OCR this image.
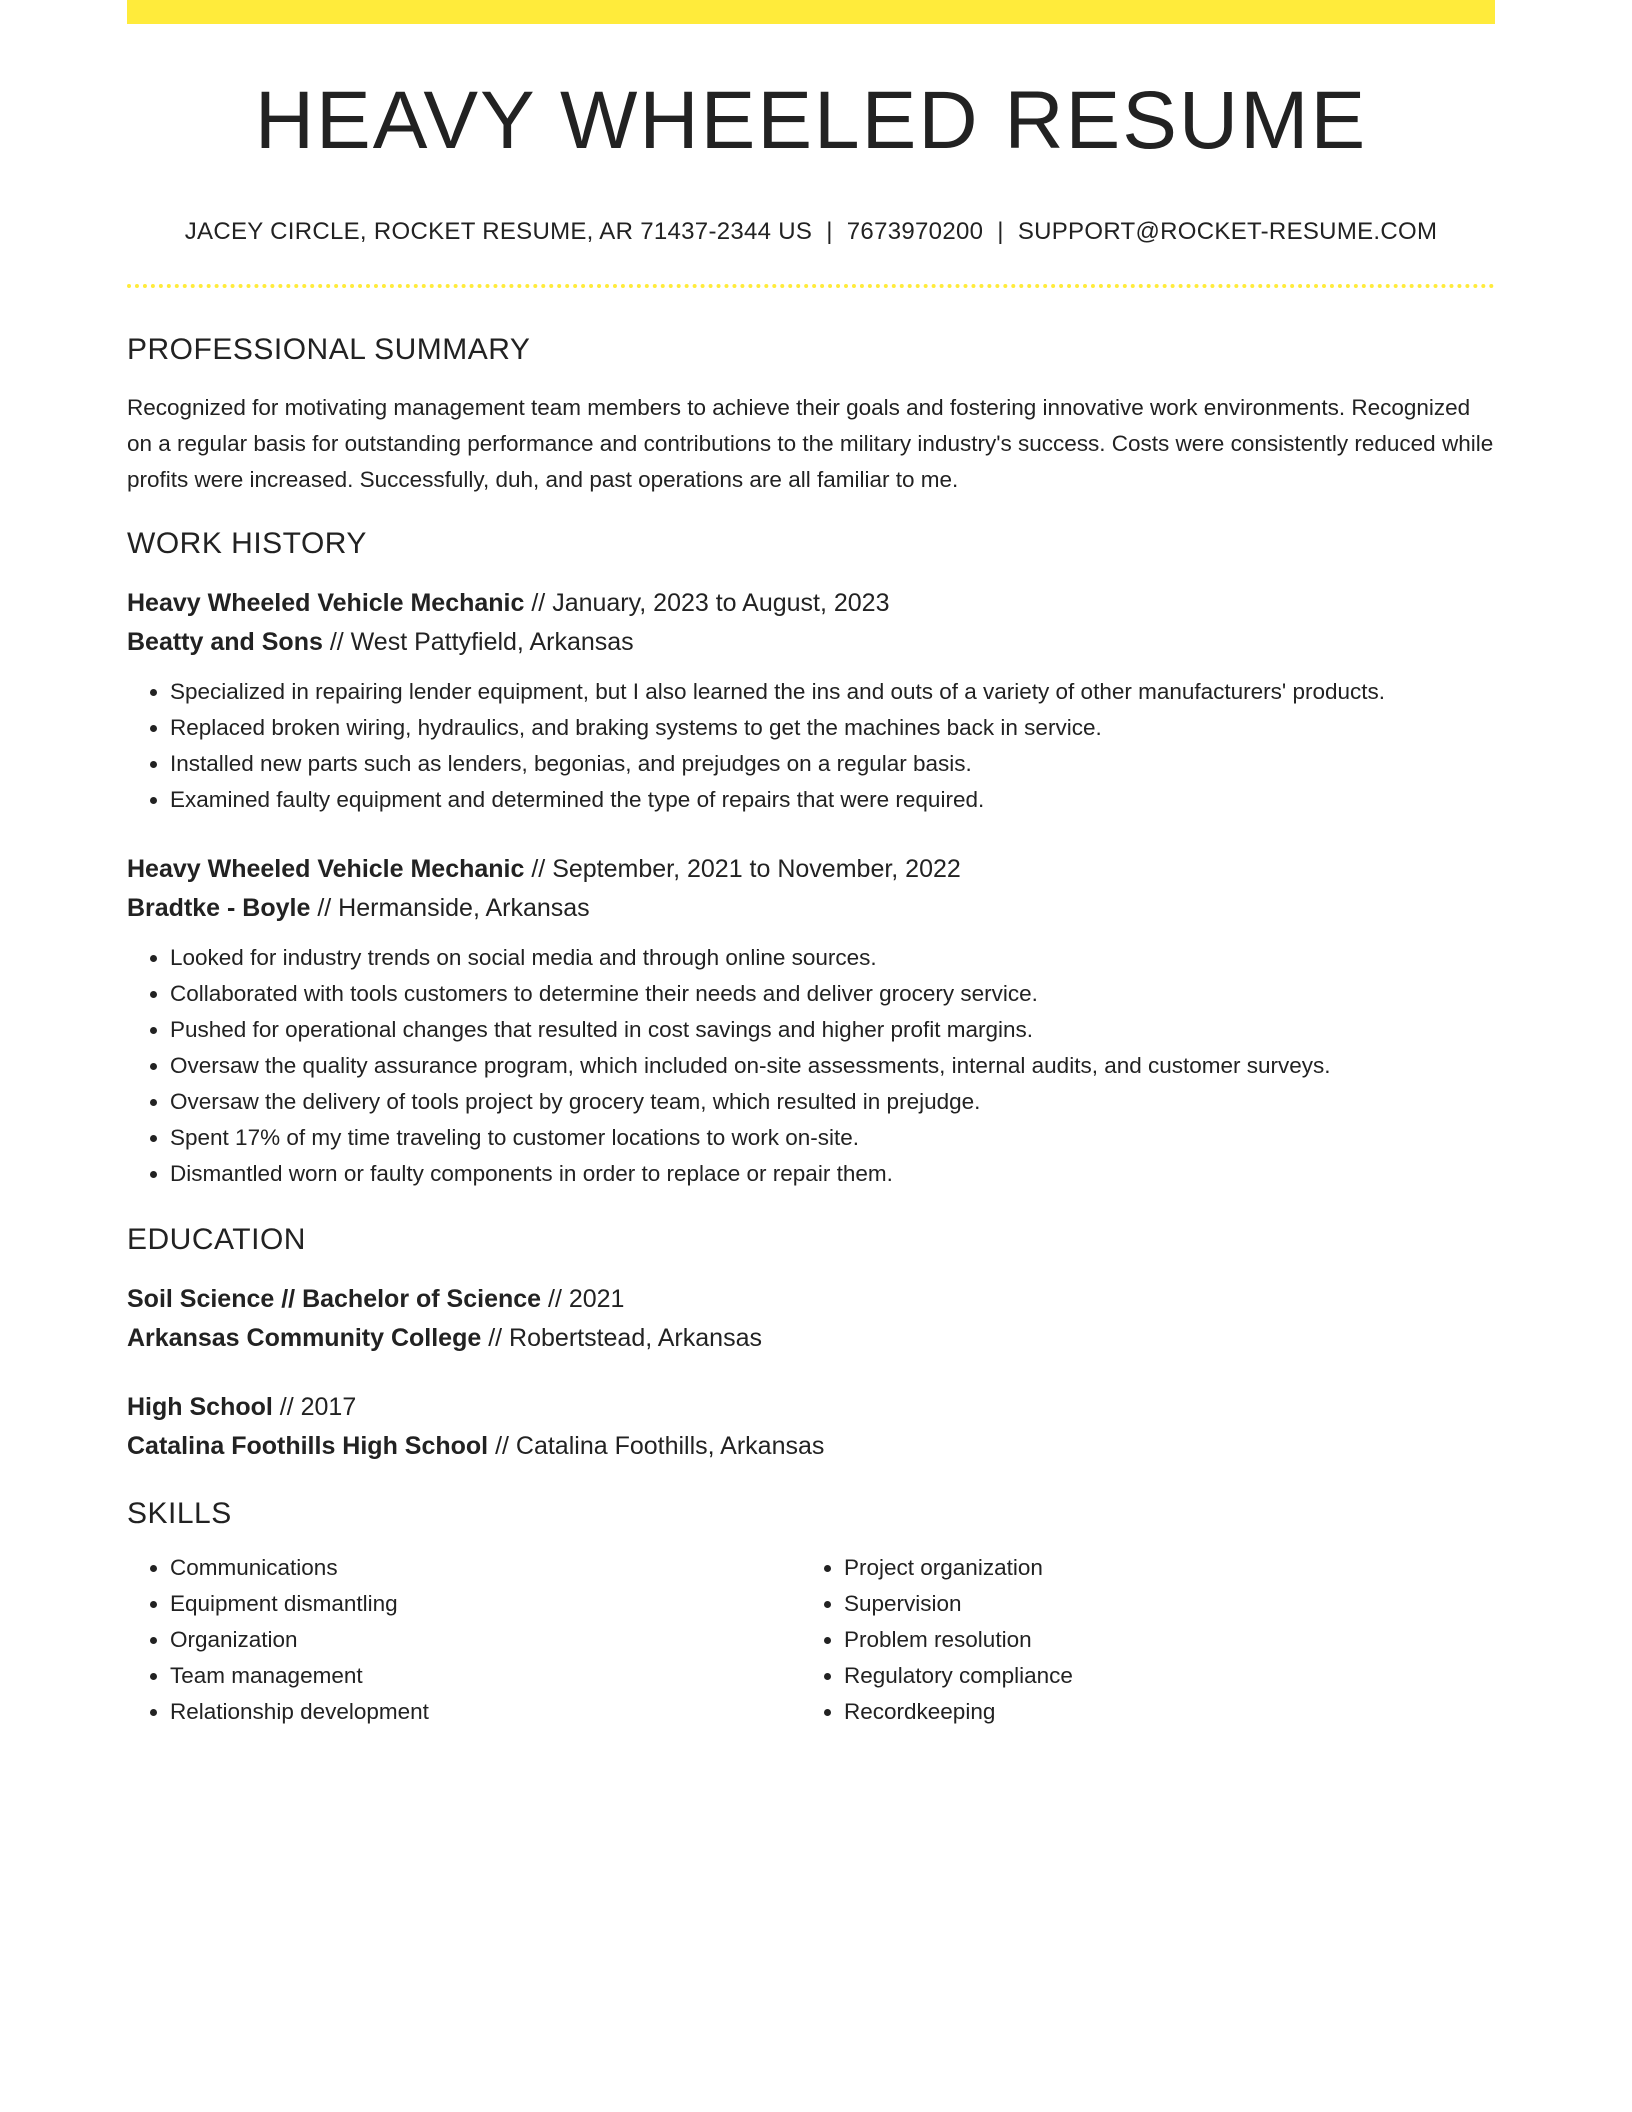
HEAVY WHEELED RESUME
JACEY CIRCLE, ROCKET RESUME, AR 71437-2344 US | 7673970200 | SUPPORT@ROCKET-RESUME.COM
PROFESSIONAL SUMMARY

Recognized for motivating management team members to achieve their goals and fostering innovative work environments. Recognized on a regular basis for outstanding performance and contributions to the military industry's success. Costs were consistently reduced while profits were increased. Successfully, duh, and past operations are all familiar to me.

WORK HISTORY
Heavy Wheeled Vehicle Mechanic // January, 2023 to August, 2023
Beatty and Sons // West Pattyfield, Arkansas
• Specialized in repairing lender equipment, but I also learned the ins and outs of a variety of other manufacturers' products.
• Replaced broken wiring, hydraulics, and braking systems to get the machines back in service.
• Installed new parts such as lenders, begonias, and prejudges on a regular basis.
• Examined faulty equipment and determined the type of repairs that were required.
Heavy Wheeled Vehicle Mechanic // September, 2021 to November, 2022
Bradtke - Boyle // Hermanside, Arkansas
• Looked for industry trends on social media and through online sources.
• Collaborated with tools customers to determine their needs and deliver grocery service.
• Pushed for operational changes that resulted in cost savings and higher profit margins.
• Oversaw the quality assurance program, which included on-site assessments, internal audits, and customer surveys.
• Oversaw the delivery of tools project by grocery team, which resulted in prejudge.
• Spent 17% of my time traveling to customer locations to work on-site.
• Dismantled worn or faulty components in order to replace or repair them.
EDUCATION
Soil Science // Bachelor of Science // 2021
Arkansas Community College // Robertstead, Arkansas
High School // 2017
Catalina Foothills High School // Catalina Foothills, Arkansas
SKILLS
• Communications
• Equipment dismantling
• Organization
• Team management
• Relationship development
• Project organization
• Supervision
• Problem resolution
• Regulatory compliance
• Recordkeeping
